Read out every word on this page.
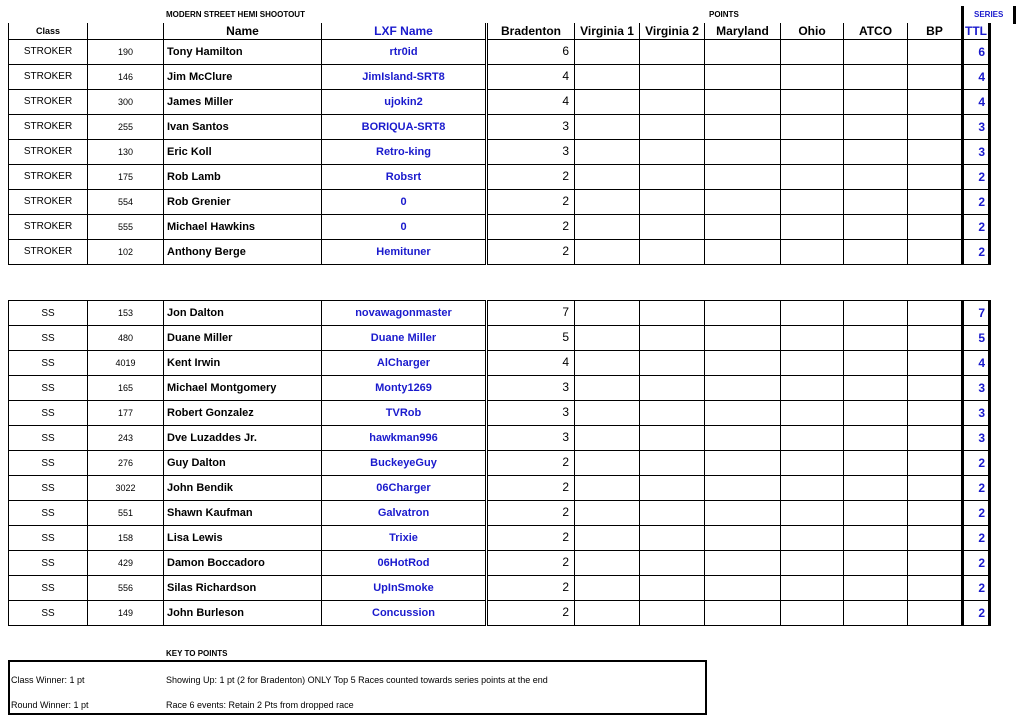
MODERN STREET HEMI SHOOTOUT	POINTS	SERIES
Class		Name	LXF Name	Bradenton	Virginia 1	Virginia 2	Maryland	Ohio	ATCO	BP	TTL
STROKER	190	Tony Hamilton	rtr0id	6							6
STROKER	146	Jim McClure	JimIsland-SRT8	4							4
STROKER	300	James Miller	ujokin2	4							4
STROKER	255	Ivan Santos	BORIQUA-SRT8	3							3
STROKER	130	Eric Koll	Retro-king	3							3
STROKER	175	Rob Lamb	Robsrt	2							2
STROKER	554	Rob Grenier	0	2							2
STROKER	555	Michael Hawkins	0	2							2
STROKER	102	Anthony Berge	Hemituner	2							2
SS	153	Jon Dalton	novawagonmaster	7							7
SS	480	Duane Miller	Duane Miller	5							5
SS	4019	Kent Irwin	AlCharger	4							4
SS	165	Michael Montgomery	Monty1269	3							3
SS	177	Robert Gonzalez	TVRob	3							3
SS	243	Dve Luzaddes Jr.	hawkman996	3							3
SS	276	Guy Dalton	BuckeyeGuy	2							2
SS	3022	John Bendik	06Charger	2							2
SS	551	Shawn Kaufman	Galvatron	2							2
SS	158	Lisa Lewis	Trixie	2							2
SS	429	Damon Boccadoro	06HotRod	2							2
SS	556	Silas Richardson	UpInSmoke	2							2
SS	149	John Burleson	Concussion	2							2
KEY TO POINTS
Class Winner: 1 pt	Showing Up: 1 pt (2 for Bradenton) ONLY Top 5 Races counted towards series points at the end
Round Winner: 1 pt	Race 6 events: Retain 2 Pts from dropped race
